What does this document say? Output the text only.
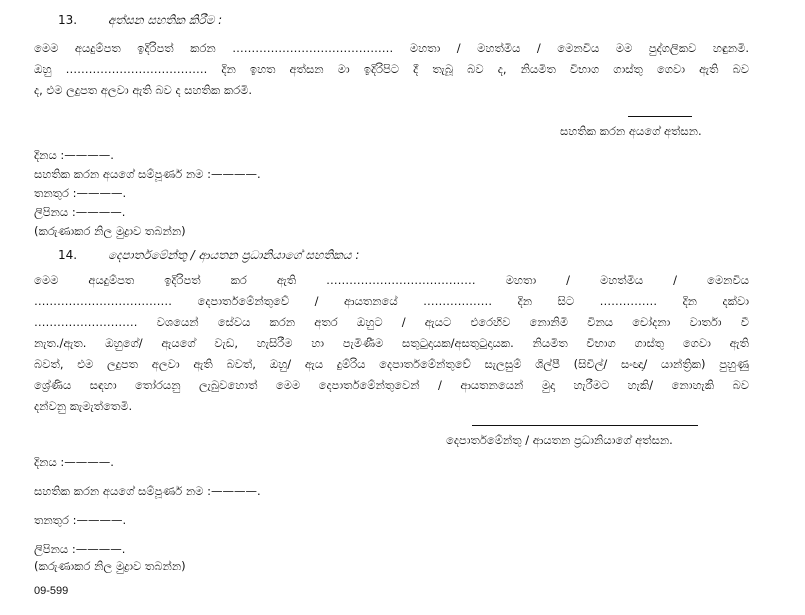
13.	අත්සන සහතික කිරීම :
මෙම අයදුම්පත ඉදිරිපත් කරන …………………………………… මහතා / මහත්මිය / මෙනවිය මම පුද්ගලිකව හඳුනමි.
ඔහු ………………………………. දින ඉහත අත්සන මා ඉදිරිපිට දී තැබූ බව ද, නියමිත විභාග ගාස්තු ගෙවා ඇති බව
ද, එම ලදුපත අලවා ඇති බව ද සහතික කරමි.
සහතික කරන අයගේ අත්සන.
දිනය :————.
සහතික කරන අයගේ සම්පූර්ණ නම :————.
තනතුර :————.
ලිපිනය :————.
(කරුණාකර නිල මුද්‍රාව තබන්න)
14.	දෙපාර්තමේන්තු / ආයතන ප්‍රධානියාගේ සහතිකය :
මෙම අයදුම්පත ඉදිරිපත් කර ඇති ………………………………… මහතා / මහත්මිය / මෙනවිය
……………………………… දෙපාර්තමේන්තුවේ / ආයතනයේ ……………… දින සිට …………… දින දක්වා
……………………… වශයෙන් සේවය කරන අතර ඔහුට / ඇයට එරෙහිව නොනිමි විනය චෝදනා වාර්තා වී
නැත./ඇත. ඔහුගේ/ ඇයගේ වැඩ, හැසිරීම හා පැමිණීම සතුටුදායක/අසතුටුදායක. නියමිත විභාග ගාස්තු ගෙවා ඇති
බවත්, එම ලදුපත අලවා ඇති බවත්, ඔහු/ ඇය දුම්රිය දෙපාර්තමේන්තුවේ සැලසුම් ශිල්පී (සිවිල්/ සංඥා/ යාන්ත්‍රික) පුහුණු
ශ්‍රේණිය සඳහා තෝරයනු ලැබුවහොත් මෙම දෙපාර්තමේන්තුවෙන් / ආයතනයෙන් මුදා හැරීමට හැකි/ නොහැකි බව
දන්වනු කැමැත්තෙමි.
දෙපාර්තමේන්තු / ආයතන ප්‍රධානියාගේ අත්සන.
දිනය :————.
සහතික කරන අයගේ සම්පූර්ණ නම :————.
තනතුර :————.
ලිපිනය :————.
(කරුණාකර නිල මුද්‍රාව තබන්න)
09-599
